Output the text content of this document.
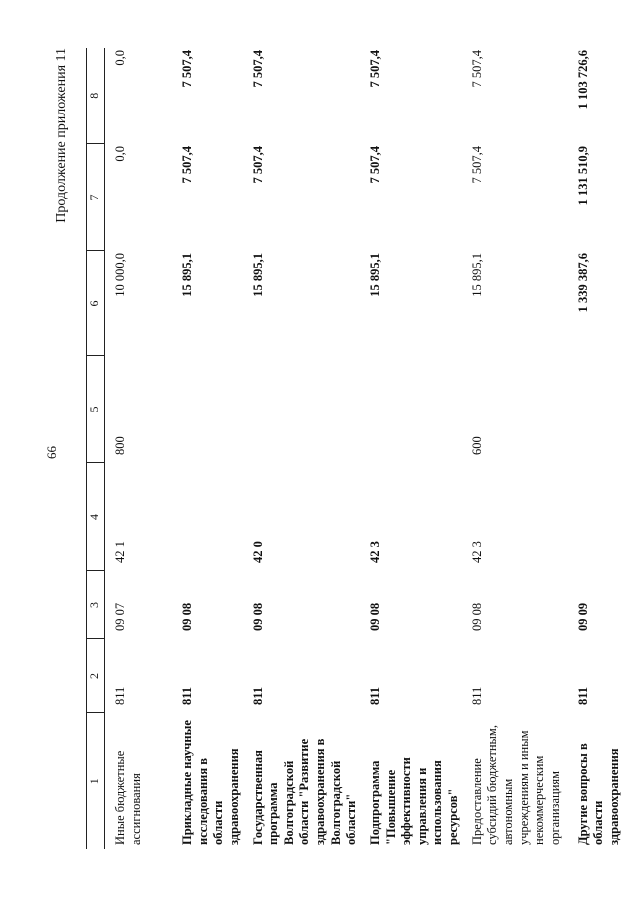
66
Продолжение приложения 11
1	2	3	4	5	6	7	8
Иные бюджетные ассигнования	811	09 07	42 1	800	10 000,0	0,0	0,0
Прикладные научные исследования в области здравоохранения	811	09 08			15 895,1	7 507,4	7 507,4
Государственная программа Волгоградской области "Развитие здравоохранения в Волгоградской области"	811	09 08	42 0		15 895,1	7 507,4	7 507,4
Подпрограмма "Повышение эффективности управления и использования ресурсов"	811	09 08	42 3		15 895,1	7 507,4	7 507,4
Предоставление субсидий бюджетным, автономным учреждениям и иным некоммерческим организациям	811	09 08	42 3	600	15 895,1	7 507,4	7 507,4
Другие вопросы в области здравоохранения	811	09 09			1 339 387,6	1 131 510,9	1 103 726,6
